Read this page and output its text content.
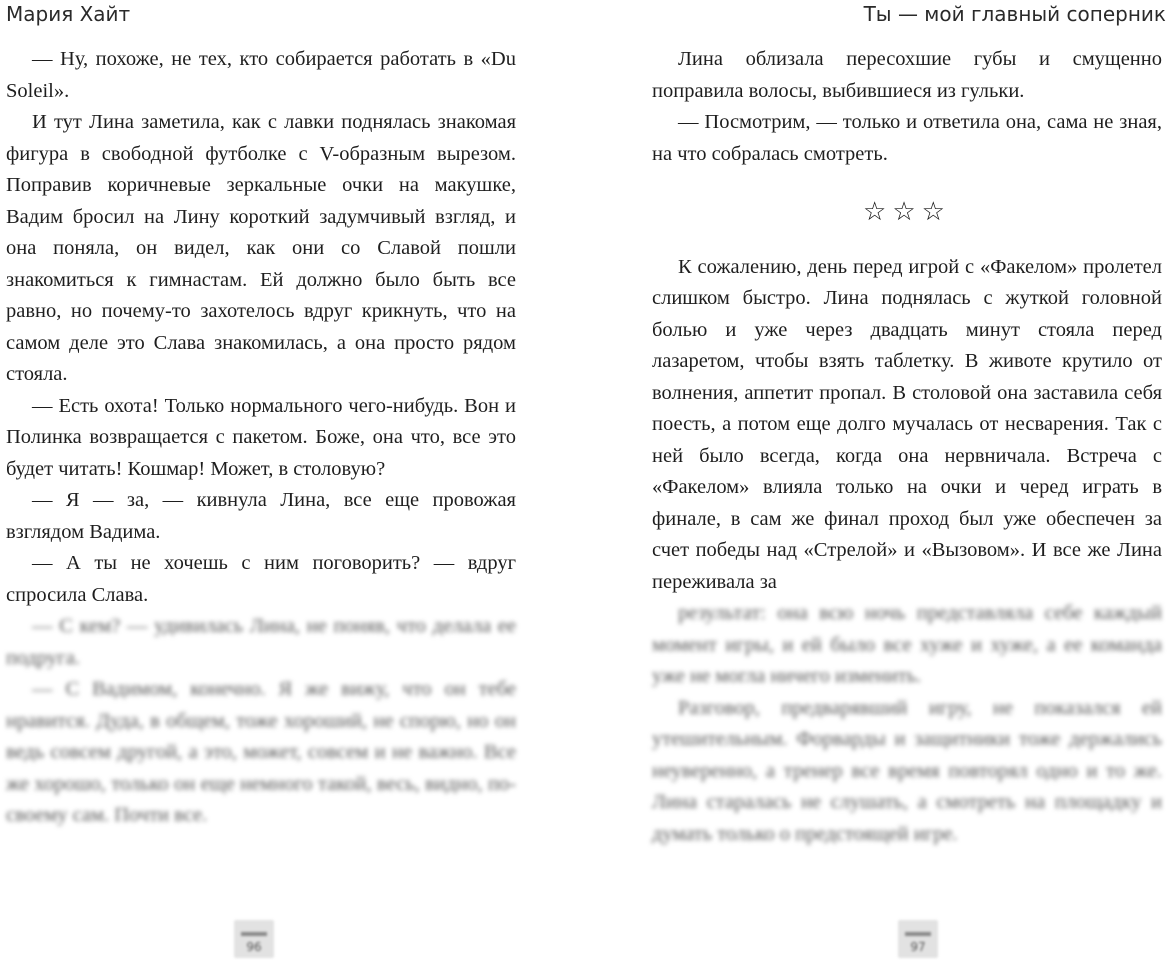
Мария Хайт

— Ну, похоже, не тех, кто собирается работать в «Du Soleil».

И тут Лина заметила, как с лавки поднялась знакомая фигура в свободной футболке с V-образным вырезом. Поправив коричневые зеркальные очки на макушке, Вадим бросил на Лину короткий задумчивый взгляд, и она поняла, он видел, как они со Славой пошли знакомиться к гимнастам. Ей должно было быть все равно, но почему-то захотелось вдруг крикнуть, что на самом деле это Слава знакомилась, а она просто рядом стояла.

— Есть охота! Только нормального чего-нибудь. Вон и Полинка возвращается с пакетом. Боже, она что, все это будет читать! Кошмар! Может, в столовую?

— Я — за, — кивнула Лина, все еще провожая взглядом Вадима.

— А ты не хочешь с ним поговорить? — вдруг спросила Слава.

— С кем? — удивилась Лина, не поняв, что делала ее подруга.

— С Вадимом, конечно. Я же вижу, что он тебе нравится. Дуда, в общем, тоже хороший, не спорю, но он ведь совсем другой, а это, может, совсем и не важно. Все же хорошо, только он еще немного такой, весь, видно, по-своему сам. Почти все.

96
Ты — мой главный соперник

Лина облизала пересохшие губы и смущенно поправила волосы, выбившиеся из гульки.

— Посмотрим, — только и ответила она, сама не зная, на что собралась смотреть.

☆☆☆

К сожалению, день перед игрой с «Факелом» пролетел слишком быстро. Лина поднялась с жуткой головной болью и уже через двадцать минут стояла перед лазаретом, чтобы взять таблетку. В животе крутило от волнения, аппетит пропал. В столовой она заставила себя поесть, а потом еще долго мучалась от несварения. Так с ней было всегда, когда она нервничала. Встреча с «Факелом» влияла только на очки и черед играть в финале, в сам же финал проход был уже обеспечен за счет победы над «Стрелой» и «Вызовом». И все же Лина переживала за

результат: она всю ночь представляла себе каждый момент игры, и ей было все хуже и хуже, а ее команда уже не могла ничего изменить.

Разговор, предварявший игру, не показался ей утешительным. Форварды и защитники тоже держались неуверенно, а тренер все время повторял одно и то же. Лина старалась не слушать, а смотреть на площадку и думать только о предстоящей игре.

97
